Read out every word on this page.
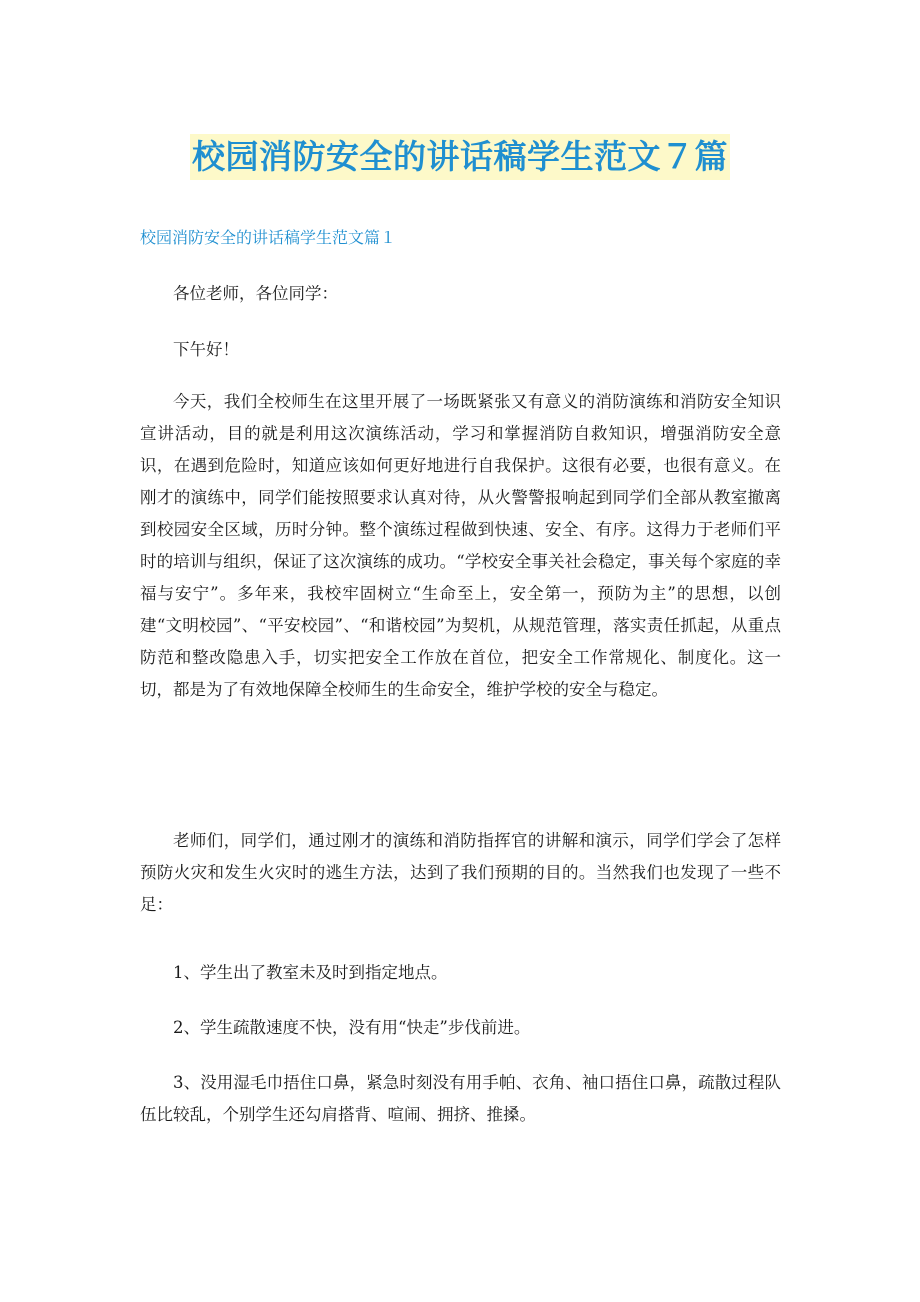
校园消防安全的讲话稿学生范文７篇
校园消防安全的讲话稿学生范文篇１

各位老师，各位同学：

下午好！

今天，我们全校师生在这里开展了一场既紧张又有意义的消防演练和消防安全知识宣讲活动，目的就是利用这次演练活动，学习和掌握消防自救知识，增强消防安全意识，在遇到危险时，知道应该如何更好地进行自我保护。这很有必要，也很有意义。在刚才的演练中，同学们能按照要求认真对待，从火警警报响起到同学们全部从教室撤离到校园安全区域，历时分钟。整个演练过程做到快速、安全、有序。这得力于老师们平时的培训与组织，保证了这次演练的成功。“学校安全事关社会稳定，事关每个家庭的幸福与安宁”。多年来，我校牢固树立“生命至上，安全第一，预防为主”的思想，以创建“文明校园”、“平安校园”、“和谐校园”为契机，从规范管理，落实责任抓起，从重点防范和整改隐患入手，切实把安全工作放在首位，把安全工作常规化、制度化。这一切，都是为了有效地保障全校师生的生命安全，维护学校的安全与稳定。

老师们，同学们，通过刚才的演练和消防指挥官的讲解和演示，同学们学会了怎样预防火灾和发生火灾时的逃生方法，达到了我们预期的目的。当然我们也发现了一些不足：

1、学生出了教室未及时到指定地点。

2、学生疏散速度不快，没有用“快走”步伐前进。

3、没用湿毛巾捂住口鼻，紧急时刻没有用手帕、衣角、袖口捂住口鼻，疏散过程队伍比较乱，个别学生还勾肩搭背、喧闹、拥挤、推搡。
